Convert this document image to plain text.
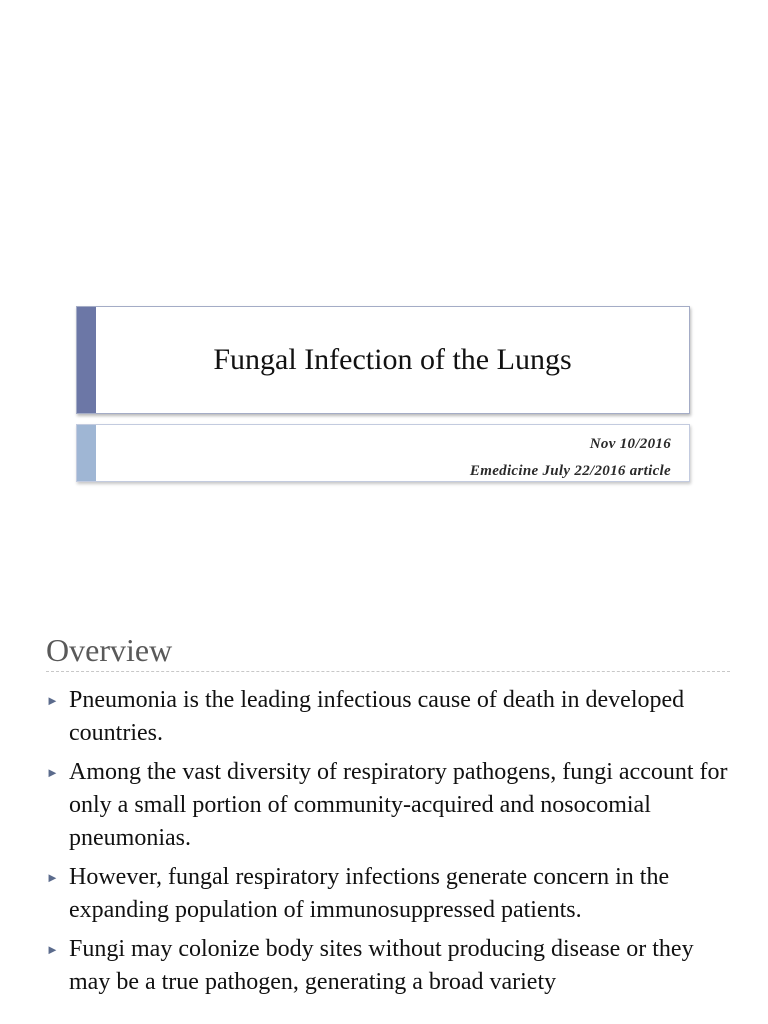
Fungal Infection of the Lungs
Nov 10/2016
Emedicine July 22/2016 article
Overview
► Pneumonia is the leading infectious cause of death in developed countries.
► Among the vast diversity of respiratory pathogens, fungi account for only a small portion of community-acquired and nosocomial pneumonias.
► However, fungal respiratory infections generate concern in the expanding population of immunosuppressed patients.
► Fungi may colonize body sites without producing disease or they may be a true pathogen, generating a broad variety
